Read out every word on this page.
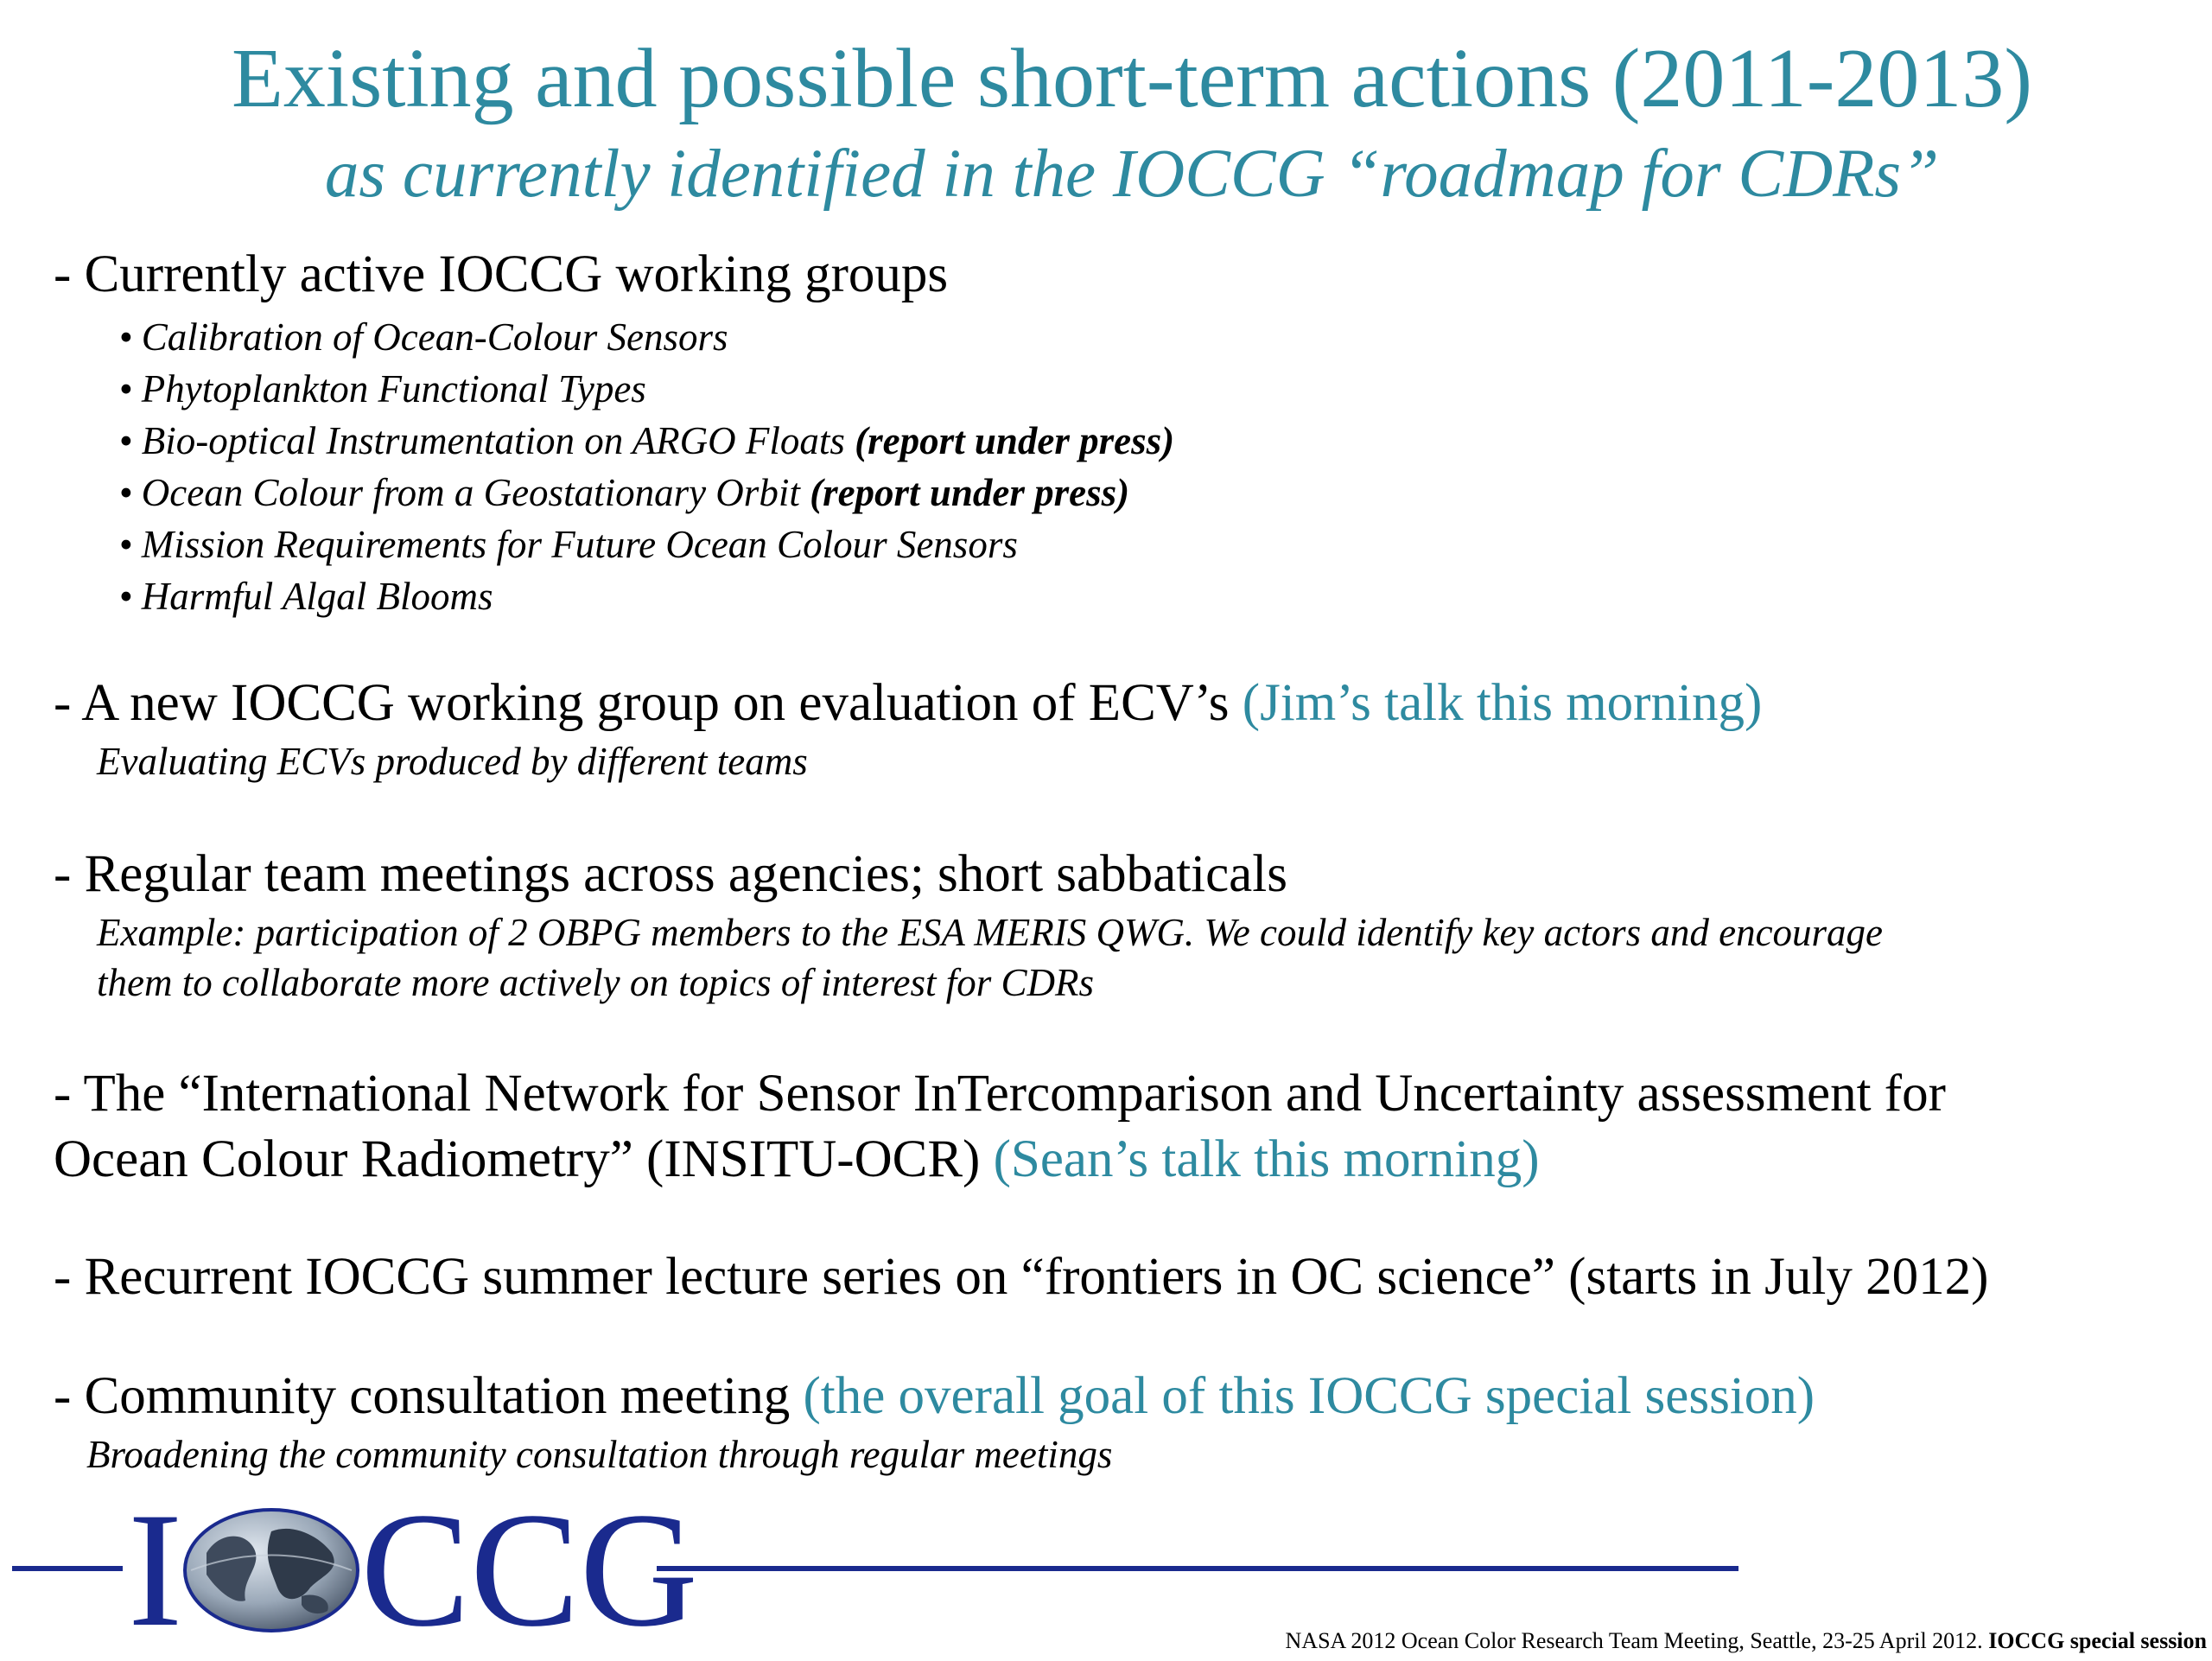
Existing and possible short-term actions (2011-2013)
as currently identified in the IOCCG “roadmap for CDRs”
- Currently active IOCCG working groups
• Calibration of Ocean-Colour Sensors
• Phytoplankton Functional Types
• Bio-optical Instrumentation on ARGO Floats (report under press)
• Ocean Colour from a Geostationary Orbit (report under press)
• Mission Requirements for Future Ocean Colour Sensors
• Harmful Algal Blooms
- A new IOCCG working group on evaluation of ECV’s (Jim’s talk this morning)
Evaluating ECVs produced by different teams
- Regular team meetings across agencies; short sabbaticals
Example: participation of 2 OBPG members to the ESA MERIS QWG. We could identify key actors and encourage
them to collaborate more actively on topics of interest for CDRs
- The “International Network for Sensor InTercomparison and Uncertainty assessment for
Ocean Colour Radiometry” (INSITU-OCR) (Sean’s talk this morning)
- Recurrent IOCCG summer lecture series on “frontiers in OC science” (starts in July 2012)
- Community consultation meeting (the overall goal of this IOCCG special session)
Broadening the community consultation through regular meetings
I CCG	NASA 2012 Ocean Color Research Team Meeting, Seattle, 23-25 April 2012. IOCCG special session
